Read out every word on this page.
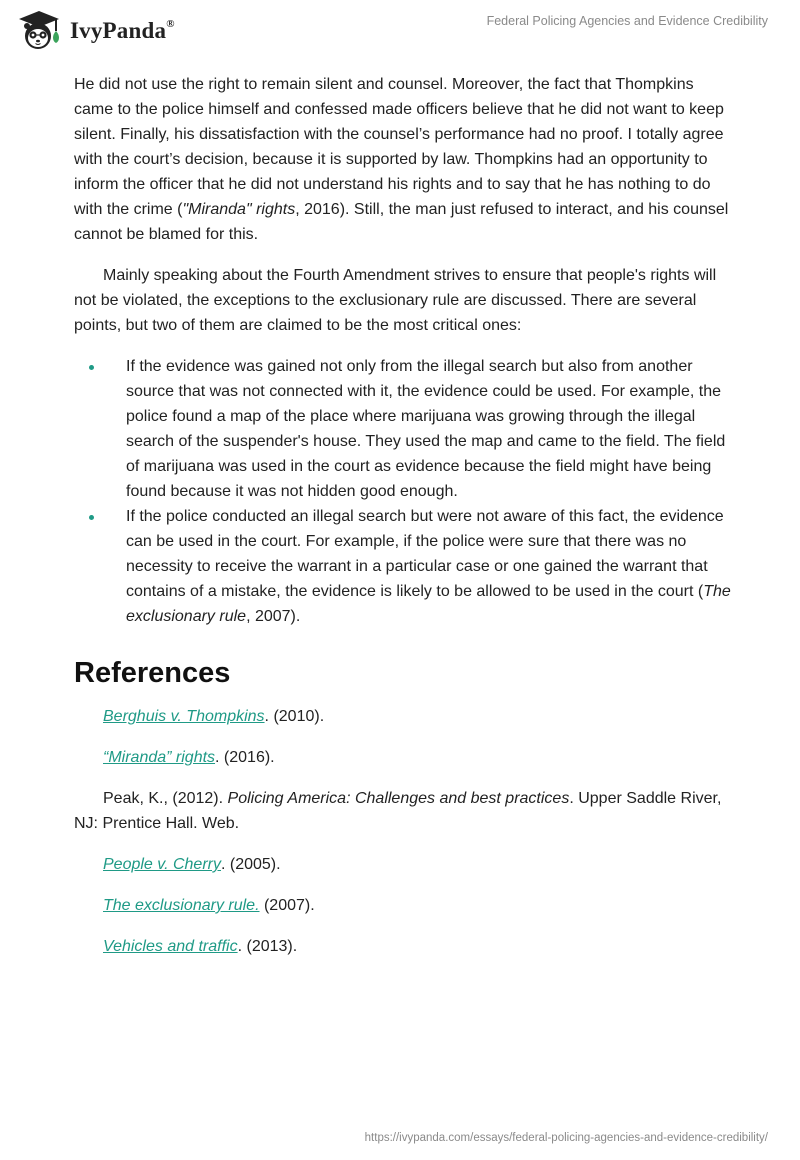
IvyPanda®	Federal Policing Agencies and Evidence Credibility

He did not use the right to remain silent and counsel. Moreover, the fact that Thompkins came to the police himself and confessed made officers believe that he did not want to keep silent. Finally, his dissatisfaction with the counsel’s performance had no proof. I totally agree with the court’s decision, because it is supported by law. Thompkins had an opportunity to inform the officer that he did not understand his rights and to say that he has nothing to do with the crime ("Miranda" rights, 2016). Still, the man just refused to interact, and his counsel cannot be blamed for this.

Mainly speaking about the Fourth Amendment strives to ensure that people's rights will not be violated, the exceptions to the exclusionary rule are discussed. There are several points, but two of them are claimed to be the most critical ones:

If the evidence was gained not only from the illegal search but also from another source that was not connected with it, the evidence could be used. For example, the police found a map of the place where marijuana was growing through the illegal search of the suspender's house. They used the map and came to the field. The field of marijuana was used in the court as evidence because the field might have being found because it was not hidden good enough.
If the police conducted an illegal search but were not aware of this fact, the evidence can be used in the court. For example, if the police were sure that there was no necessity to receive the warrant in a particular case or one gained the warrant that contains of a mistake, the evidence is likely to be allowed to be used in the court (The exclusionary rule, 2007).
References

Berghuis v. Thompkins. (2010).

“Miranda” rights. (2016).

Peak, K., (2012). Policing America: Challenges and best practices. Upper Saddle River, NJ: Prentice Hall. Web.

People v. Cherry. (2005).

The exclusionary rule. (2007).

Vehicles and traffic. (2013).

https://ivypanda.com/essays/federal-policing-agencies-and-evidence-credibility/
